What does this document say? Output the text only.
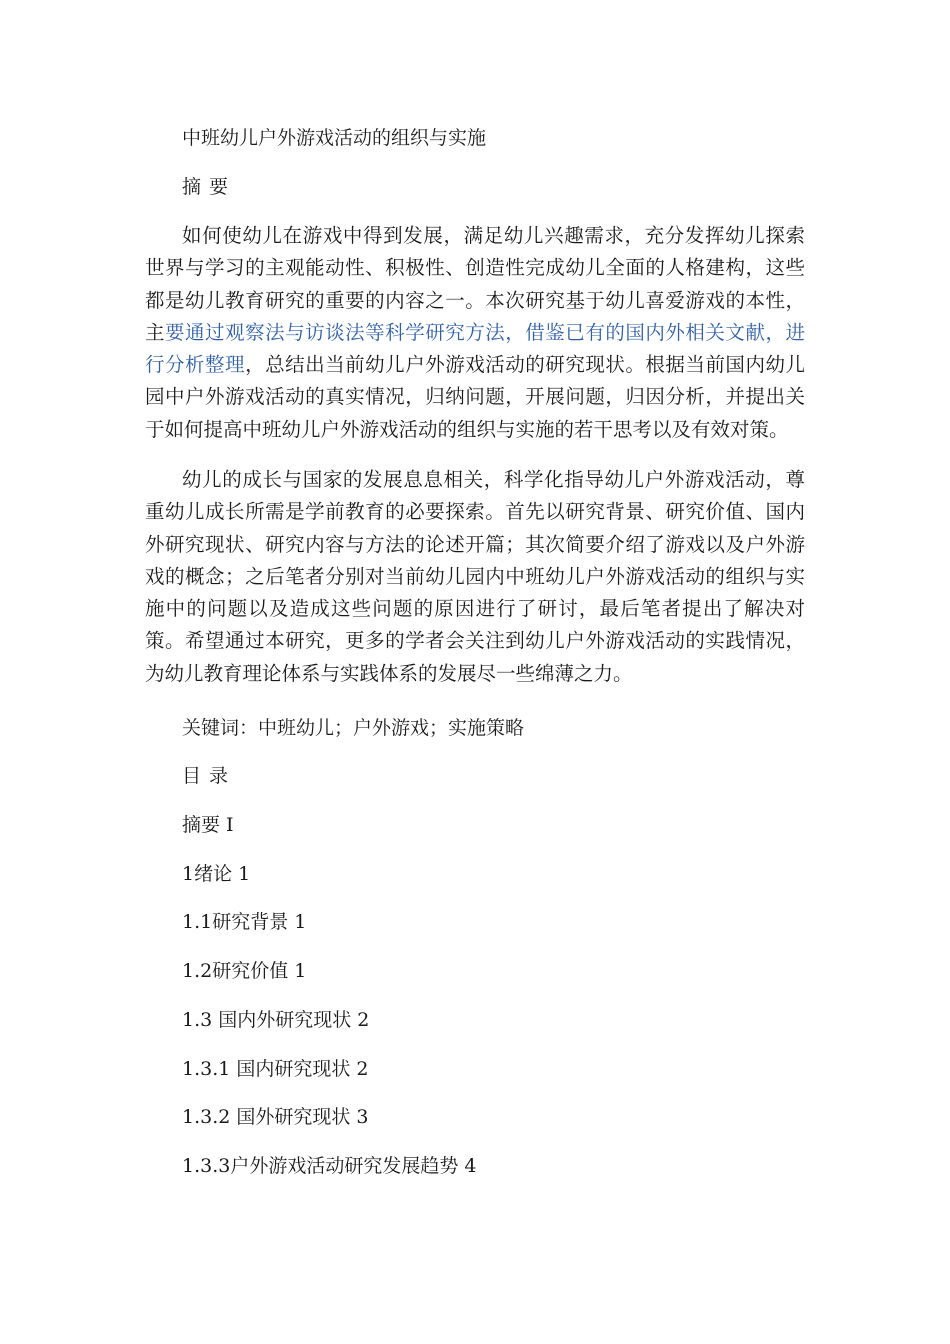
中班幼儿户外游戏活动的组织与实施
摘 要
如何使幼儿在游戏中得到发展，满足幼儿兴趣需求，充分发挥幼儿探索世界与学习的主观能动性、积极性、创造性完成幼儿全面的人格建构，这些都是幼儿教育研究的重要的内容之一。本次研究基于幼儿喜爱游戏的本性，主要通过观察法与访谈法等科学研究方法，借鉴已有的国内外相关文献，进行分析整理，总结出当前幼儿户外游戏活动的研究现状。根据当前国内幼儿园中户外游戏活动的真实情况，归纳问题，开展问题，归因分析，并提出关于如何提高中班幼儿户外游戏活动的组织与实施的若干思考以及有效对策。
幼儿的成长与国家的发展息息相关，科学化指导幼儿户外游戏活动，尊重幼儿成长所需是学前教育的必要探索。首先以研究背景、研究价值、国内外研究现状、研究内容与方法的论述开篇；其次简要介绍了游戏以及户外游戏的概念；之后笔者分别对当前幼儿园内中班幼儿户外游戏活动的组织与实施中的问题以及造成这些问题的原因进行了研讨，最后笔者提出了解决对策。希望通过本研究，更多的学者会关注到幼儿户外游戏活动的实践情况，为幼儿教育理论体系与实践体系的发展尽一些绵薄之力。
关键词：中班幼儿；户外游戏；实施策略
目 录
摘要 I
1绪论 1
1.1研究背景 1
1.2研究价值 1
1.3 国内外研究现状 2
1.3.1 国内研究现状 2
1.3.2 国外研究现状 3
1.3.3户外游戏活动研究发展趋势 4
